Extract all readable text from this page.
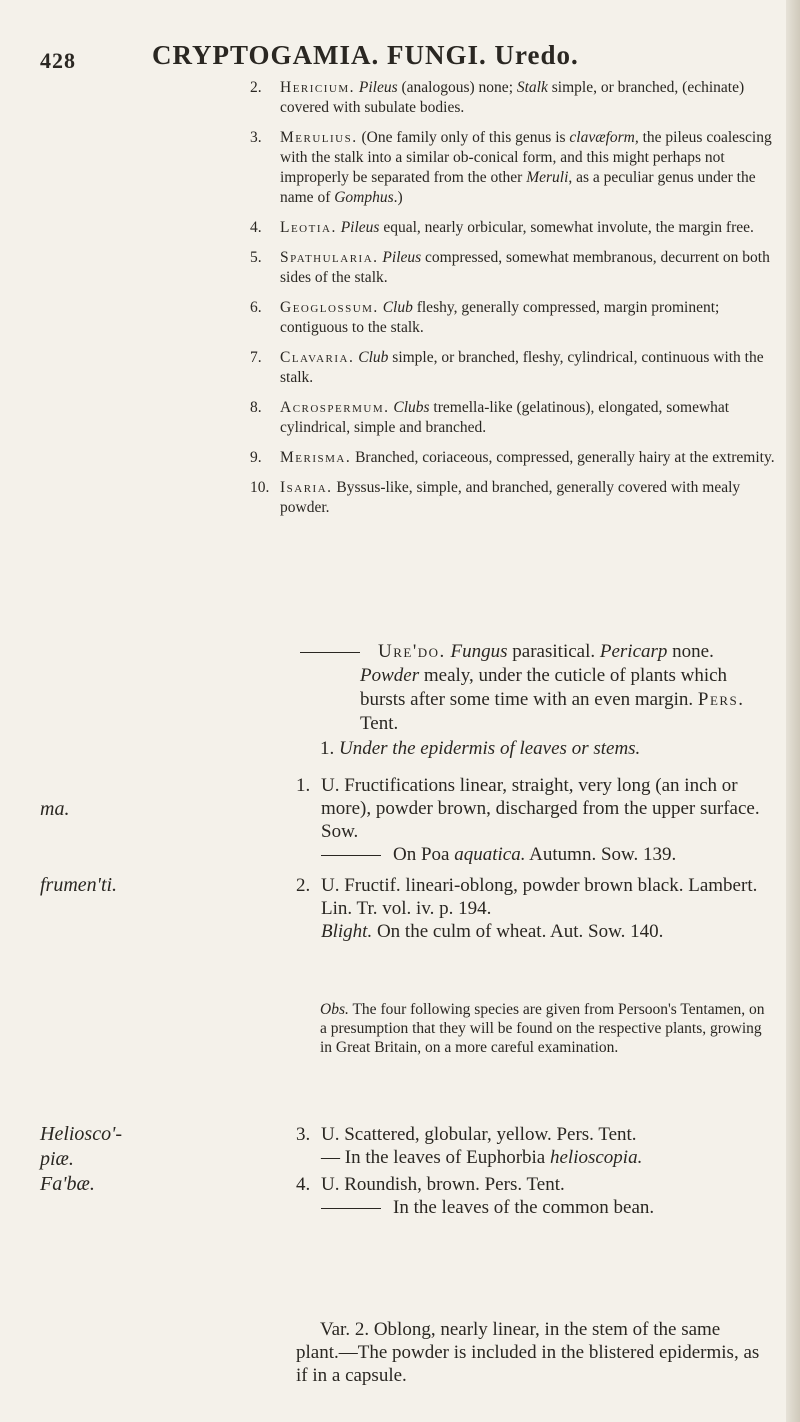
428	CRYPTOGAMIA. FUNGI. Uredo.
2. Hericium. Pileus (analogous) none; Stalk simple, or branched, (echinate) covered with subulate bodies.
3. Merulius. (One family only of this genus is clavæform, the pileus coalescing with the stalk into a similar ob-conical form, and this might perhaps not improperly be separated from the other Meruli, as a peculiar genus under the name of Gomphus.)
4. Leotia. Pileus equal, nearly orbicular, somewhat involute, the margin free.
5. Spathularia. Pileus compressed, somewhat membranous, decurrent on both sides of the stalk.
6. Geoglossum. Club fleshy, generally compressed, margin prominent; contiguous to the stalk.
7. Clavaria. Club simple, or branched, fleshy, cylindrical, continuous with the stalk.
8. Acrospermum. Clubs tremella-like (gelatinous), elongated, somewhat cylindrical, simple and branched.
9. Merisma. Branched, coriaceous, compressed, generally hairy at the extremity.
10. Isaria. Byssus-like, simple, and branched, generally covered with mealy powder.

Ure'do. Fungus parasitical. Pericarp none. Powder mealy, under the cuticle of plants which bursts after some time with an even margin. Pers. Tent.

1. Under the epidermis of leaves or stems.
ma.
frumen'ti.
Heliosco'-
piæ.
Fa'bæ.
1. U. Fructifications linear, straight, very long (an inch or more), powder brown, discharged from the upper surface. Sow.
On Poa aquatica. Autumn. Sow. 139.
2. U. Fructif. lineari-oblong, powder brown black. Lambert. Lin. Tr. vol. iv. p. 194.
Blight. On the culm of wheat. Aut. Sow. 140.
Obs. The four following species are given from Persoon's Tentamen, on a presumption that they will be found on the respective plants, growing in Great Britain, on a more careful examination.
3. U. Scattered, globular, yellow. Pers. Tent.
— In the leaves of Euphorbia helioscopia.
4. U. Roundish, brown. Pers. Tent.
In the leaves of the common bean.
Var. 2. Oblong, nearly linear, in the stem of the same plant.—The powder is included in the blistered epidermis, as if in a capsule.
